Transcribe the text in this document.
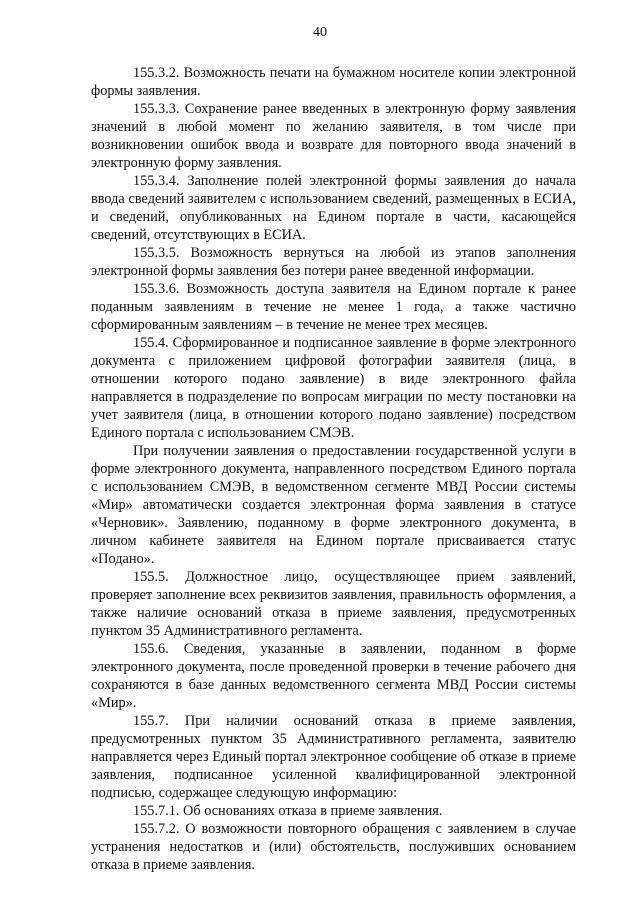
40

155.3.2. Возможность печати на бумажном носителе копии электронной формы заявления.

155.3.3. Сохранение ранее введенных в электронную форму заявления значений в любой момент по желанию заявителя, в том числе при возникновении ошибок ввода и возврате для повторного ввода значений в электронную форму заявления.

155.3.4. Заполнение полей электронной формы заявления до начала ввода сведений заявителем с использованием сведений, размещенных в ЕСИА, и сведений, опубликованных на Едином портале в части, касающейся сведений, отсутствующих в ЕСИА.

155.3.5. Возможность вернуться на любой из этапов заполнения электронной формы заявления без потери ранее введенной информации.

155.3.6. Возможность доступа заявителя на Едином портале к ранее поданным заявлениям в течение не менее 1 года, а также частично сформированным заявлениям – в течение не менее трех месяцев.

155.4. Сформированное и подписанное заявление в форме электронного документа с приложением цифровой фотографии заявителя (лица, в отношении которого подано заявление) в виде электронного файла направляется в подразделение по вопросам миграции по месту постановки на учет заявителя (лица, в отношении которого подано заявление) посредством Единого портала с использованием СМЭВ.

При получении заявления о предоставлении государственной услуги в форме электронного документа, направленного посредством Единого портала с использованием СМЭВ, в ведомственном сегменте МВД России системы «Мир» автоматически создается электронная форма заявления в статусе «Черновик». Заявлению, поданному в форме электронного документа, в личном кабинете заявителя на Едином портале присваивается статус «Подано».

155.5. Должностное лицо, осуществляющее прием заявлений, проверяет заполнение всех реквизитов заявления, правильность оформления, а также наличие оснований отказа в приеме заявления, предусмотренных пунктом 35 Административного регламента.

155.6. Сведения, указанные в заявлении, поданном в форме электронного документа, после проведенной проверки в течение рабочего дня сохраняются в базе данных ведомственного сегмента МВД России системы «Мир».

155.7. При наличии оснований отказа в приеме заявления, предусмотренных пунктом 35 Административного регламента, заявителю направляется через Единый портал электронное сообщение об отказе в приеме заявления, подписанное усиленной квалифицированной электронной подписью, содержащее следующую информацию:

155.7.1. Об основаниях отказа в приеме заявления.

155.7.2. О возможности повторного обращения с заявлением в случае устранения недостатков и (или) обстоятельств, послуживших основанием отказа в приеме заявления.
